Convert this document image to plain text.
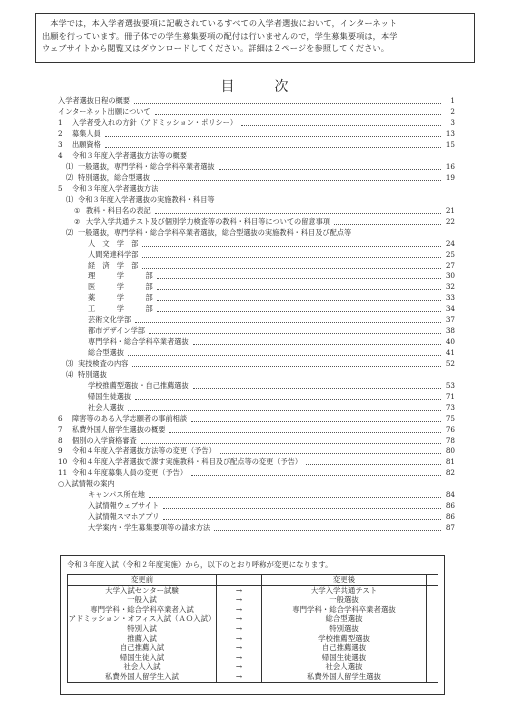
本学では，本入学者選抜要項に記載されているすべての入学者選抜において，インターネット

出願を行っています。冊子体での学生募集要項の配付は行いませんので，学生募集要項は，本学

ウェブサイトから閲覧又はダウンロードしてください。詳細は２ページを参照してください。

目次
入学者選抜日程の概要	1
インターネット出願について	2
1	入学者受入れの方針（アドミッション・ポリシー）	3
2	募集人員	13
3	出願資格	15
4	令和３年度入学者選抜方法等の概要
⑴ 一般選抜，専門学科・総合学科卒業者選抜	16
⑵ 特別選抜，総合型選抜	19
5	令和３年度入学者選抜方法
⑴ 令和３年度入学者選抜の実施教科・科目等
① 教科・科目名の表記	21
② 大学入学共通テスト及び個別学力検査等の教科・科目等についての留意事項	22
⑵ 一般選抜，専門学科・総合学科卒業者選抜，総合型選抜の実施教科・科目及び配点等
人　文　学　部	24
人間発達科学部	25
経　済　学　部	27
理　　　学　　　部	30
医　　　学　　　部	32
薬　　　学　　　部	33
工　　　学　　　部	34
芸術文化学部	37
都市デザイン学部	38
専門学科・総合学科卒業者選抜	40
総合型選抜	41
⑶ 実技検査の内容	52
⑷ 特別選抜
学校推薦型選抜・自己推薦選抜	53
帰国生徒選抜	71
社会人選抜	73
6	障害等のある入学志願者の事前相談	75
7	私費外国人留学生選抜の概要	76
8	個別の入学資格審査	78
9	令和４年度入学者選抜方法等の変更（予告）	80
10 令和４年度入学者選抜で課す実施教科・科目及び配点等の変更（予告）	81
11 令和４年度募集人員の変更（予告）	82
○入試情報の案内
キャンパス所在地	84
入試情報ウェブサイト	86
入試情報スマホアプリ	86
大学案内・学生募集要項等の請求方法	87

令和３年度入試（令和２年度実施）から，以下のとおり呼称が変更になります。

変更前	変更後
大学入試センター試験	→	大学入学共通テスト
一般入試	→	一般選抜
専門学科・総合学科卒業者入試	→	専門学科・総合学科卒業者選抜
アドミッション・オフィス入試（ＡＯ入試）	→	総合型選抜
特別入試	→	特別選抜
推薦入試	→	学校推薦型選抜
自己推薦入試	→	自己推薦選抜
帰国生徒入試	→	帰国生徒選抜
社会人入試	→	社会人選抜
私費外国人留学生入試	→	私費外国人留学生選抜
